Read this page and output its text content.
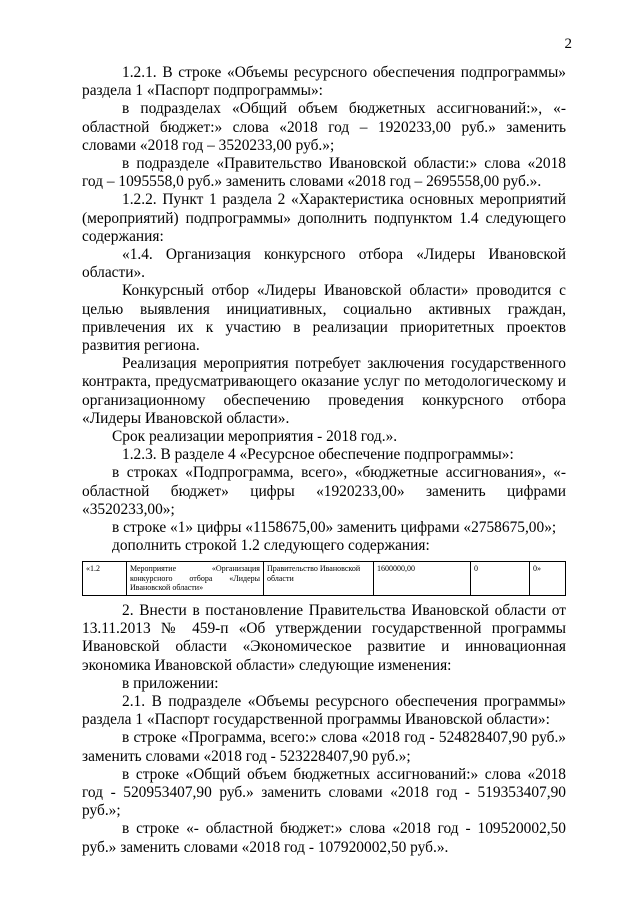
2

1.2.1. В строке «Объемы ресурсного обеспечения подпрограммы» раздела 1 «Паспорт подпрограммы»:

в подразделах «Общий объем бюджетных ассигнований:», «- областной бюджет:» слова «2018 год – 1920233,00 руб.» заменить словами «2018 год – 3520233,00 руб.»;

в подразделе «Правительство Ивановской области:» слова «2018 год – 1095558,0 руб.» заменить словами «2018 год – 2695558,00 руб.».

1.2.2. Пункт 1 раздела 2 «Характеристика основных мероприятий (мероприятий) подпрограммы» дополнить подпунктом 1.4 следующего содержания:

«1.4. Организация конкурсного отбора «Лидеры Ивановской области».

Конкурсный отбор «Лидеры Ивановской области» проводится с целью выявления инициативных, социально активных граждан, привлечения их к участию в реализации приоритетных проектов развития региона.

Реализация мероприятия потребует заключения государственного контракта, предусматривающего оказание услуг по методологическому и организационному обеспечению проведения конкурсного отбора «Лидеры Ивановской области».

Срок реализации мероприятия - 2018 год.».

1.2.3. В разделе 4 «Ресурсное обеспечение подпрограммы»:

в строках «Подпрограмма, всего», «бюджетные ассигнования», «- областной бюджет» цифры «1920233,00» заменить цифрами «3520233,00»;

в строке «1» цифры «1158675,00» заменить цифрами «2758675,00»;

дополнить строкой 1.2 следующего содержания:

«1.2	Мероприятие «Организация конкурсного отбора «Лидеры Ивановской области»	Правительство Ивановской области	1600000,00	0	0»

2. Внести в постановление Правительства Ивановской области от 13.11.2013 № 459-п «Об утверждении государственной программы Ивановской области «Экономическое развитие и инновационная экономика Ивановской области» следующие изменения:

в приложении:

2.1. В подразделе «Объемы ресурсного обеспечения программы» раздела 1 «Паспорт государственной программы Ивановской области»:

в строке «Программа, всего:» слова «2018 год - 524828407,90 руб.» заменить словами «2018 год - 523228407,90 руб.»;

в строке «Общий объем бюджетных ассигнований:» слова «2018 год - 520953407,90 руб.» заменить словами «2018 год - 519353407,90 руб.»;

в строке «- областной бюджет:» слова «2018 год - 109520002,50 руб.» заменить словами «2018 год - 107920002,50 руб.».
